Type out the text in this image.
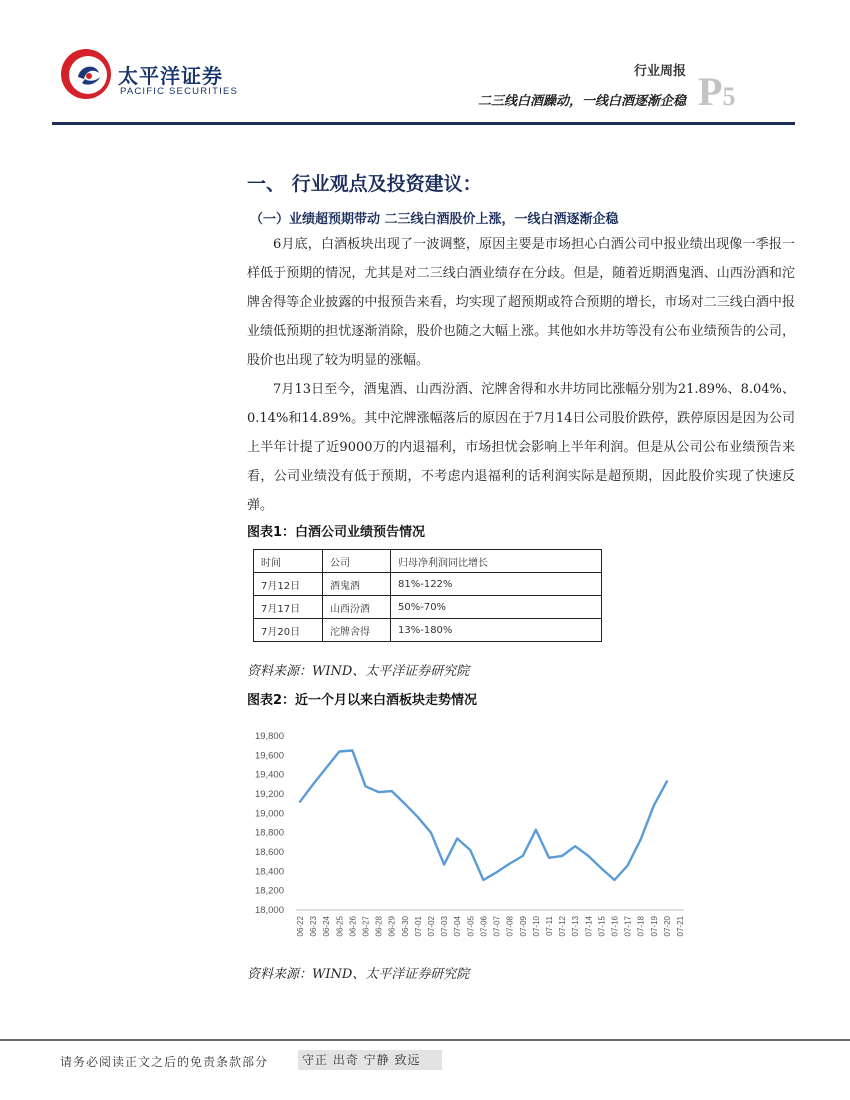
太平洋证券
PACIFIC SECURITIES
行业周报
二三线白酒躁动，一线白酒逐渐企稳 P5
一、 行业观点及投资建议：
（一）业绩超预期带动 二三线白酒股价上涨，一线白酒逐渐企稳
6月底，白酒板块出现了一波调整，原因主要是市场担心白酒公司中报业绩出现像一季报一样低于预期的情况，尤其是对二三线白酒业绩存在分歧。但是，随着近期酒鬼酒、山西汾酒和沱牌舍得等企业披露的中报预告来看，均实现了超预期或符合预期的增长，市场对二三线白酒中报业绩低预期的担忧逐渐消除，股价也随之大幅上涨。其他如水井坊等没有公布业绩预告的公司，股价也出现了较为明显的涨幅。
7月13日至今，酒鬼酒、山西汾酒、沱牌舍得和水井坊同比涨幅分别为21.89%、8.04%、0.14%和14.89%。其中沱牌涨幅落后的原因在于7月14日公司股价跌停，跌停原因是因为公司上半年计提了近9000万的内退福利，市场担忧会影响上半年利润。但是从公司公布业绩预告来看，公司业绩没有低于预期，不考虑内退福利的话利润实际是超预期，因此股价实现了快速反弹。
图表1：白酒公司业绩预告情况
时间	公司	归母净利润同比增长
7月12日	酒鬼酒	81%-122%
7月17日	山西汾酒	50%-70%
7月20日	沱牌舍得	13%-180%
资料来源：WIND、太平洋证券研究院
图表2：近一个月以来白酒板块走势情况
18,000
18,200
18,400
18,600
18,800
19,000
19,200
19,400
19,600
19,800
06-22 06-23 06-24 06-25 06-26 06-27 06-28 06-29 06-30 07-01 07-02 07-03 07-04 07-05 07-06 07-07 07-08 07-09 07-10 07-11 07-12 07-13 07-14 07-15 07-16 07-17 07-18 07-19 07-20 07-21
资料来源：WIND、太平洋证券研究院
请务必阅读正文之后的免责条款部分	守正 出奇 宁静 致远
